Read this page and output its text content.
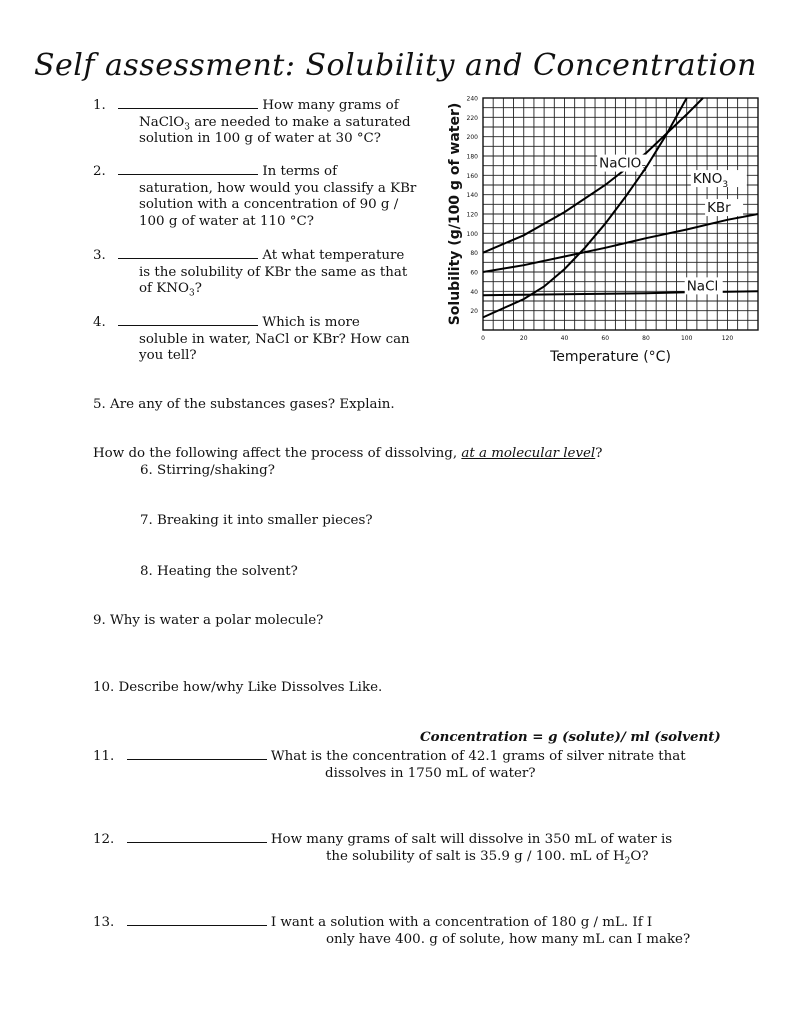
Self assessment: Solubility and Concentration
1.	How many grams of
NaClO$_3$ are needed to make a saturated
solution in 100 g of water at 30 °C?
2.	In terms of
saturation, how would you classify a KBr
solution with a concentration of 90 g /
100 g of water at 110 °C?
3.	At what temperature
is the solubility of KBr the same as that
of $KNO_3$?
4.	Which is more
soluble in water, NaCl or KBr? How can
you tell?
20
40
60
80
100
120
140
160
180
200
220
240
0	20	40	60	80	100	120
Temperature (°C)
Solubility (g/100 g of water)	NaClO$_3$
$KNO_3$
KBr
NaCl
5. Are any of the substances gases? Explain.
How do the following affect the process of dissolving, at a molecular level?
6. Stirring/shaking?
7. Breaking it into smaller pieces?
8. Heating the solvent?
9. Why is water a polar molecule?
10. Describe how/why Like Dissolves Like.
Concentration = g (solute)/ ml (solvent)
11.	What is the concentration of 42.1 grams of silver nitrate that
dissolves in 1750 mL of water?
12.	How many grams of salt will dissolve in 350 mL of water is
the solubility of salt is 35.9 g / 100. mL of $H_2O$?
13.	I want a solution with a concentration of 180 g / mL. If I
only have 400. g of solute, how many mL can I make?
